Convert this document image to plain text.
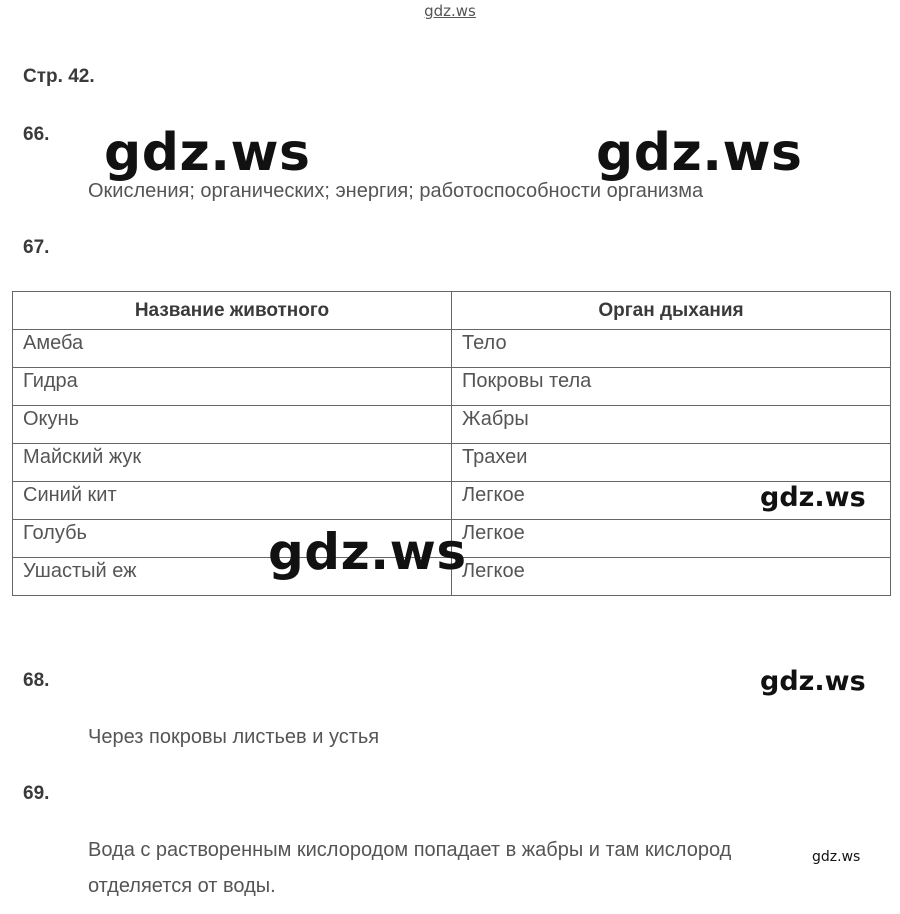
gdz.ws
Стр. 42.
66. gdz.ws	gdz.ws
Окисления; органических; энергия; работоспособности организма
67.
Название животного	Орган дыхания
Амеба	Тело
Гидра	Покровы тела
Окунь	Жабры
Майский жук	Трахеи
Синий кит	Легкое
Голубь	Легкое
Ушастый еж	Легкое
gdz.ws
gdz.ws
68.	gdz.ws
Через покровы листьев и устья
69.
Вода с растворенным кислородом попадает в жабры и там кислород
отделяется от воды.
gdz.ws
